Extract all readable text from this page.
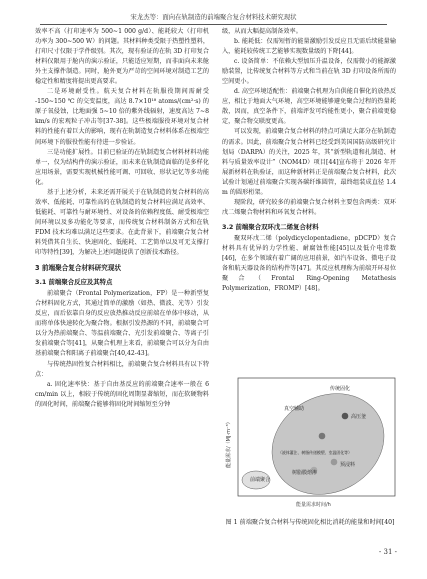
宋龙杰等：面向在轨制造的前端聚合复合材料技术研究现状

效率不高（打印速率为 500~1 000 g/d）、能耗较大（打印机功率为 300~500 W）的问题。其材料种类受限于热塑性塑料，打印尺寸仅限于学件级别。其次，现有验证的在轨 3D 打印复合材料仅限用于舱内的演示验证，只能适应短期，而非面向未来舱外主支撑件制造。同时，舱外更为严苛的空间环境对制造工艺的稳定性和精度将提出更高要求。

二是环境耐受性。航天复合材料在轨服役期间需耐受 -150~150 ℃ 的交变温度，高达 8.7×10¹⁸ atoms/(cm²·s) 的原子氧侵蚀，比地面强 5~10 倍的紫外线辐射，速度高达 7~8 km/s 的宏观粒子冲击等[37-38]。这些极端服役环境对复合材料的性能有着巨大的影响，现有在轨制造复合材料体系在极端空间环境下的服役性能有待进一步验证。

三是功能扩展性。目前已验证的在轨制造复合材料材料功能单一，仅为结构件的演示验证，而未来在轨制造面临的是多样化应用场景，需要实现机械性能可调、可回收、形状记忆等多功能化。

基于上述分析，未来还需开展关于在轨制造的复合材料的高效率、低能耗、可靠性高的在轨制造的复合材料应满足高效率、低能耗、可靠性与耐环境性、对设备的依赖程度低、耐受极端空间环境以及多功能化等要求，而传统复合材料制备方式和在轨 FDM 技术均难以满足这些要求。在此背景下，前端聚合复合材料凭借其自生长、快速固化、低能耗、工艺简单以及可无支撑打印等特性[39]，为解决上述问题提供了创新技术路径。

3 前端聚合复合材料研究现状
3.1 前端聚合反应及其特点

前端聚合（Frontal Polymerization，FP）是一种新型复合材料固化方式，其通过简单的激励（如热、微波、光等）引发反应，而后依靠自身的反应放热推动反应前端在单体中移动，从而将单体快速转化为聚合物。根据引发热源的不同，前端聚合可以分为热前端聚合、等温前端聚合、光引发前端聚合、等离子引发前端聚合等[41]，从聚合机理上来看，前端聚合可以分为自由基前端聚合和阳离子前端聚合[40,42-43]。

与传统热固性复合材料相比，前端聚合复合材料具有以下特点：

a. 固化速率快：基于自由基反应的前端聚合速率一般在 6 cm/min 以上，相较于传统的固化周期显著缩短，而在软硬物料的固化时间，前端聚合能够将固化时间缩短至分钟

级，从而大幅提高制备效率。

b. 能耗低：仅需短暂的能量激励引发反应且无需后续能量输入，能耗较传统工艺能够实现数量级的下降[44]。

c. 设备简单：不依赖大型加压升温设备，仅需微小的能源激励装置，比传统复合材料等方式和当前在轨 3D 打印设备所需的空间更小。

d. 高空环境适配性：前端聚合机理为自供能自催化的放热反应，相比于地面大气环境，高空环境能够避免聚合过程的热量耗散，因而，真空条件下，前端评发可约能性更小，聚合前端更稳定，聚合物交联度更高。

可以发现，前端聚合复合材料的特点可满足大部分在轨制造的需求。因此，前端聚合复合材料已经受到美国国防高级研究计划局（DARPA）的关注，2025 年，其“新型轨道和扎制造、材料与质量效率设计”（NOM4D）项目[44]宣布将于 2026 年开展新材料在轨验证，而这种新材料正是前端聚合复合材料，此次试验计划通过前端聚合实现各碳纤维圆管，最终组装成直径 1.4 m 的圆形桁架。

现阶段，研究较多的前端聚合复合材料主要包含两类：双环戊二烯聚合物材料和环氧复合材料。

3.2 前端聚合双环戊二烯复合材料

聚双环戊二烯（polydicyclopentadiene，pDCPD）复合材料具有优异的力学性能、耐腐蚀性能[45]以及低介电常数[46]，在多个领域有着广阔的应用前景，如汽车设备、微电子设备和航天器设备的结构件等[47]。其反应机理称为前端开环易位聚合（Frontal Ring-Opening Metathesis Polymerization，FROMP）[48]。

前端聚合
传统固化
真空辅助
高压釜
（液体灌注、树脂传递模塑、室温固化等）
树脂膜熔渗
预浸料
能量需求/（MJ·m⁻³）
能量需求时间/h
图 1 前端聚合复合材料与传统固化相比消耗的能量和时间[40]
- 31 -
